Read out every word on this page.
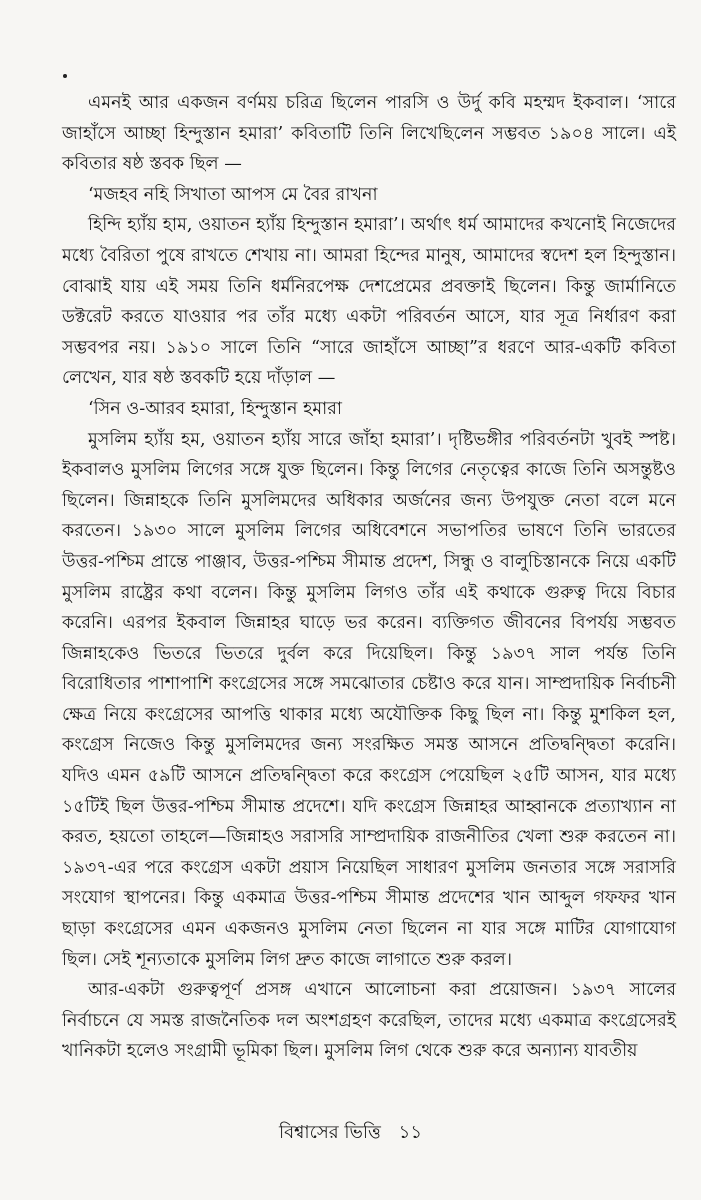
এমনই আর একজন বর্ণময় চরিত্র ছিলেন পারসি ও উর্দু কবি মহম্মদ ইকবাল। ‘সারে জাহাঁসে আচ্ছা হিন্দুস্তান হমারা’ কবিতাটি তিনি লিখেছিলেন সম্ভবত ১৯০৪ সালে। এই কবিতার ষষ্ঠ স্তবক ছিল —

‘মজহব নহি সিখাতা আপস মে বৈর রাখনা

হিন্দি হ্যাঁয় হাম, ওয়াতন হ্যাঁয় হিন্দুস্তান হমারা’। অর্থাৎ ধর্ম আমাদের কখনোই নিজেদের মধ্যে বৈরিতা পুষে রাখতে শেখায় না। আমরা হিন্দের মানুষ, আমাদের স্বদেশ হল হিন্দুস্তান। বোঝাই যায় এই সময় তিনি ধর্মনিরপেক্ষ দেশপ্রেমের প্রবক্তাই ছিলেন। কিন্তু জার্মানিতে ডক্টরেট করতে যাওয়ার পর তাঁর মধ্যে একটা পরিবর্তন আসে, যার সূত্র নির্ধারণ করা সম্ভবপর নয়। ১৯১০ সালে তিনি “সারে জাহাঁসে আচ্ছা”র ধরণে আর-একটি কবিতা লেখেন, যার ষষ্ঠ স্তবকটি হয়ে দাঁড়াল —

‘সিন ও-আরব হমারা, হিন্দুস্তান হমারা

মুসলিম হ্যাঁয় হম, ওয়াতন হ্যাঁয় সারে জাঁহা হমারা’। দৃষ্টিভঙ্গীর পরিবর্তনটা খুবই স্পষ্ট। ইকবালও মুসলিম লিগের সঙ্গে যুক্ত ছিলেন। কিন্তু লিগের নেতৃত্বের কাজে তিনি অসন্তুষ্টও ছিলেন। জিন্নাহকে তিনি মুসলিমদের অধিকার অর্জনের জন্য উপযুক্ত নেতা বলে মনে করতেন। ১৯৩০ সালে মুসলিম লিগের অধিবেশনে সভাপতির ভাষণে তিনি ভারতের উত্তর-পশ্চিম প্রান্তে পাঞ্জাব, উত্তর-পশ্চিম সীমান্ত প্রদেশ, সিন্ধু ও বালুচিস্তানকে নিয়ে একটি মুসলিম রাষ্ট্রের কথা বলেন। কিন্তু মুসলিম লিগও তাঁর এই কথাকে গুরুত্ব দিয়ে বিচার করেনি। এরপর ইকবাল জিন্নাহর ঘাড়ে ভর করেন। ব্যক্তিগত জীবনের বিপর্যয় সম্ভবত জিন্নাহকেও ভিতরে ভিতরে দুর্বল করে দিয়েছিল। কিন্তু ১৯৩৭ সাল পর্যন্ত তিনি বিরোধিতার পাশাপাশি কংগ্রেসের সঙ্গে সমঝোতার চেষ্টাও করে যান। সাম্প্রদায়িক নির্বাচনী ক্ষেত্র নিয়ে কংগ্রেসের আপত্তি থাকার মধ্যে অযৌক্তিক কিছু ছিল না। কিন্তু মুশকিল হল, কংগ্রেস নিজেও কিন্তু মুসলিমদের জন্য সংরক্ষিত সমস্ত আসনে প্রতিদ্বন্দ্বিতা করেনি। যদিও এমন ৫৯টি আসনে প্রতিদ্বন্দ্বিতা করে কংগ্রেস পেয়েছিল ২৫টি আসন, যার মধ্যে ১৫টিই ছিল উত্তর-পশ্চিম সীমান্ত প্রদেশে। যদি কংগ্রেস জিন্নাহর আহ্বানকে প্রত্যাখ্যান না করত, হয়তো তাহলে—জিন্নাহও সরাসরি সাম্প্রদায়িক রাজনীতির খেলা শুরু করতেন না। ১৯৩৭-এর পরে কংগ্রেস একটা প্রয়াস নিয়েছিল সাধারণ মুসলিম জনতার সঙ্গে সরাসরি সংযোগ স্থাপনের। কিন্তু একমাত্র উত্তর-পশ্চিম সীমান্ত প্রদেশের খান আব্দুল গফফর খান ছাড়া কংগ্রেসের এমন একজনও মুসলিম নেতা ছিলেন না যার সঙ্গে মাটির যোগাযোগ ছিল। সেই শূন্যতাকে মুসলিম লিগ দ্রুত কাজে লাগাতে শুরু করল।

আর-একটা গুরুত্বপূর্ণ প্রসঙ্গ এখানে আলোচনা করা প্রয়োজন। ১৯৩৭ সালের নির্বাচনে যে সমস্ত রাজনৈতিক দল অংশগ্রহণ করেছিল, তাদের মধ্যে একমাত্র কংগ্রেসেরই খানিকটা হলেও সংগ্রামী ভূমিকা ছিল। মুসলিম লিগ থেকে শুরু করে অন্যান্য যাবতীয়

বিশ্বাসের ভিত্তি ১১
